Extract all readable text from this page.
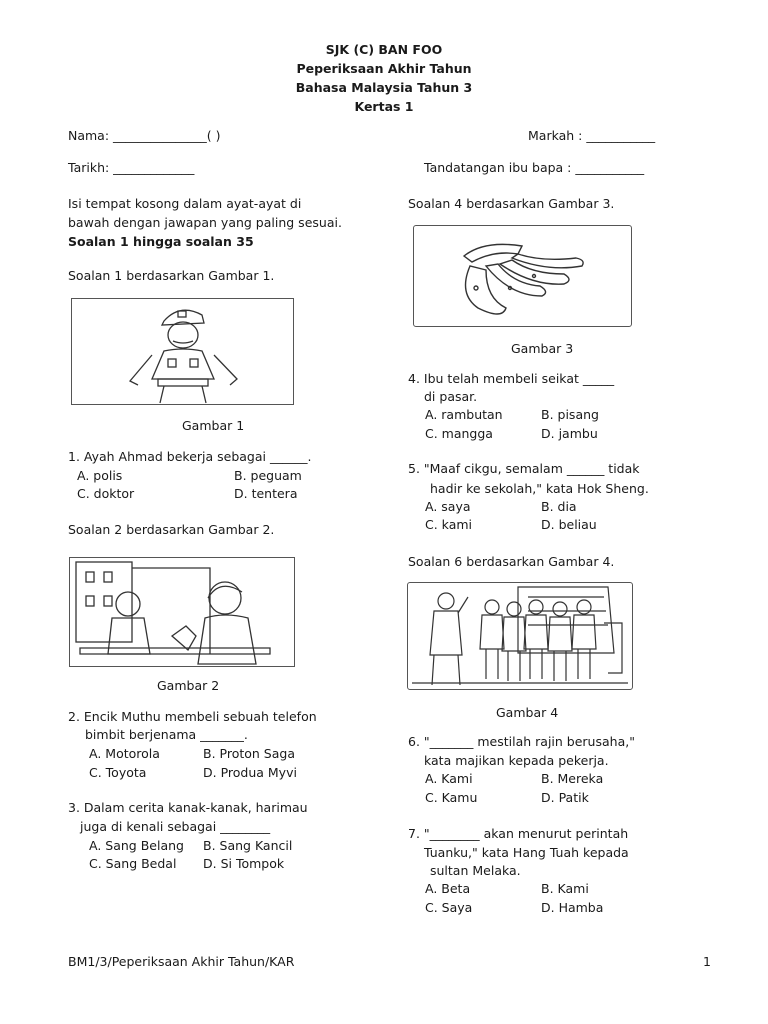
SJK (C) BAN FOO
Peperiksaan Akhir Tahun
Bahasa Malaysia Tahun 3
Kertas 1
Nama: _______________( )	Markah : ___________
Tarikh: _____________	Tandatangan ibu bapa : ___________
Isi tempat kosong dalam ayat-ayat di
bawah dengan jawapan yang paling sesuai.
Soalan 1 hingga soalan 35
Soalan 1 berdasarkan Gambar 1.
Gambar 1
1. Ayah Ahmad bekerja sebagai ______.
A. polis	B. peguam
C. doktor	D. tentera
Soalan 2 berdasarkan Gambar 2.
Gambar 2
2. Encik Muthu membeli sebuah telefon
bimbit berjenama _______.
A. Motorola	B. Proton Saga
C. Toyota	D. Produa Myvi
3. Dalam cerita kanak-kanak, harimau
juga di kenali sebagai ________
A. Sang Belang B. Sang Kancil
C. Sang Bedal D. Si Tompok
Soalan 4 berdasarkan Gambar 3.
Gambar 3
4. Ibu telah membeli seikat _____
di pasar.
A. rambutan	B. pisang
C. mangga	D. jambu
5. "Maaf cikgu, semalam ______ tidak
hadir ke sekolah," kata Hok Sheng.
A. saya	B. dia
C. kami	D. beliau
Soalan 6 berdasarkan Gambar 4.
Gambar 4
6. "_______ mestilah rajin berusaha,"
kata majikan kepada pekerja.
A. Kami	B. Mereka
C. Kamu	D. Patik
7. "________ akan menurut perintah
Tuanku," kata Hang Tuah kepada
sultan Melaka.
A. Beta	B. Kami
C. Saya	D. Hamba
BM1/3/Peperiksaan Akhir Tahun/KAR	1
